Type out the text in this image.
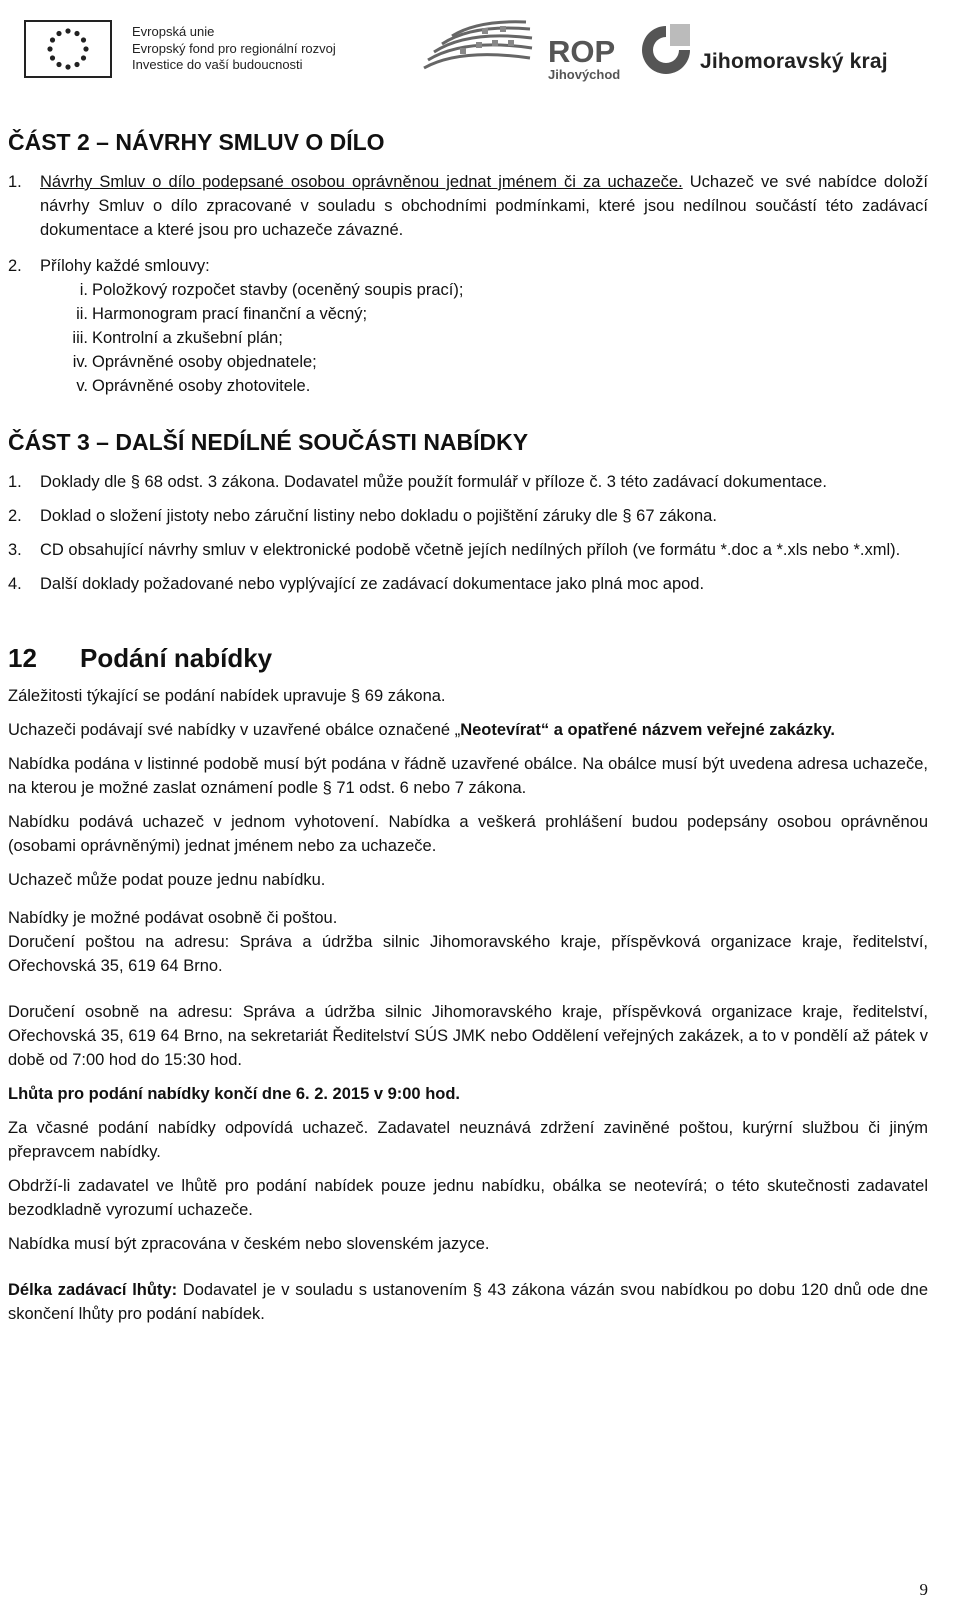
Evropská unie
Evropský fond pro regionální rozvoj
Investice do vaší budoucnosti	ROP
Jihovýchod
Jihomoravský kraj
ČÁST 2 – NÁVRHY SMLUV O DÍLO
1.	Návrhy Smluv o dílo podepsané osobou oprávněnou jednat jménem či za uchazeče. Uchazeč ve své nabídce doloží návrhy Smluv o dílo zpracované v souladu s obchodními podmínkami, které jsou nedílnou součástí této zadávací dokumentace a které jsou pro uchazeče závazné.
2.	Přílohy každé smlouvy:
i. Položkový rozpočet stavby (oceněný soupis prací);
ii. Harmonogram prací finanční a věcný;
iii. Kontrolní a zkušební plán;
iv. Oprávněné osoby objednatele;
v. Oprávněné osoby zhotovitele.
ČÁST 3 – DALŠÍ NEDÍLNÉ SOUČÁSTI NABÍDKY
1.	Doklady dle § 68 odst. 3 zákona. Dodavatel může použít formulář v příloze č. 3 této zadávací dokumentace.
2.	Doklad o složení jistoty nebo záruční listiny nebo dokladu o pojištění záruky dle § 67 zákona.
3.	CD obsahující návrhy smluv v elektronické podobě včetně jejích nedílných příloh (ve formátu *.doc a *.xls nebo *.xml).
4.	Další doklady požadované nebo vyplývající ze zadávací dokumentace jako plná moc apod.
12 Podání nabídky

Záležitosti týkající se podání nabídek upravuje § 69 zákona.

Uchazeči podávají své nabídky v uzavřené obálce označené „Neotevírat“ a opatřené názvem veřejné zakázky.

Nabídka podána v listinné podobě musí být podána v řádně uzavřené obálce. Na obálce musí být uvedena adresa uchazeče, na kterou je možné zaslat oznámení podle § 71 odst. 6 nebo 7 zákona.

Nabídku podává uchazeč v jednom vyhotovení. Nabídka a veškerá prohlášení budou podepsány osobou oprávněnou (osobami oprávněnými) jednat jménem nebo za uchazeče.

Uchazeč může podat pouze jednu nabídku.

Nabídky je možné podávat osobně či poštou.

Doručení poštou na adresu: Správa a údržba silnic Jihomoravského kraje, příspěvková organizace kraje, ředitelství, Ořechovská 35, 619 64 Brno.

Doručení osobně na adresu: Správa a údržba silnic Jihomoravského kraje, příspěvková organizace kraje, ředitelství, Ořechovská 35, 619 64 Brno, na sekretariát Ředitelství SÚS JMK nebo Oddělení veřejných zakázek, a to v pondělí až pátek v době od 7:00 hod do 15:30 hod.

Lhůta pro podání nabídky končí dne 6. 2. 2015 v 9:00 hod.

Za včasné podání nabídky odpovídá uchazeč. Zadavatel neuznává zdržení zaviněné poštou, kurýrní službou či jiným přepravcem nabídky.

Obdrží-li zadavatel ve lhůtě pro podání nabídek pouze jednu nabídku, obálka se neotevírá; o této skutečnosti zadavatel bezodkladně vyrozumí uchazeče.

Nabídka musí být zpracována v českém nebo slovenském jazyce.

Délka zadávací lhůty: Dodavatel je v souladu s ustanovením § 43 zákona vázán svou nabídkou po dobu 120 dnů ode dne skončení lhůty pro podání nabídek.

9
